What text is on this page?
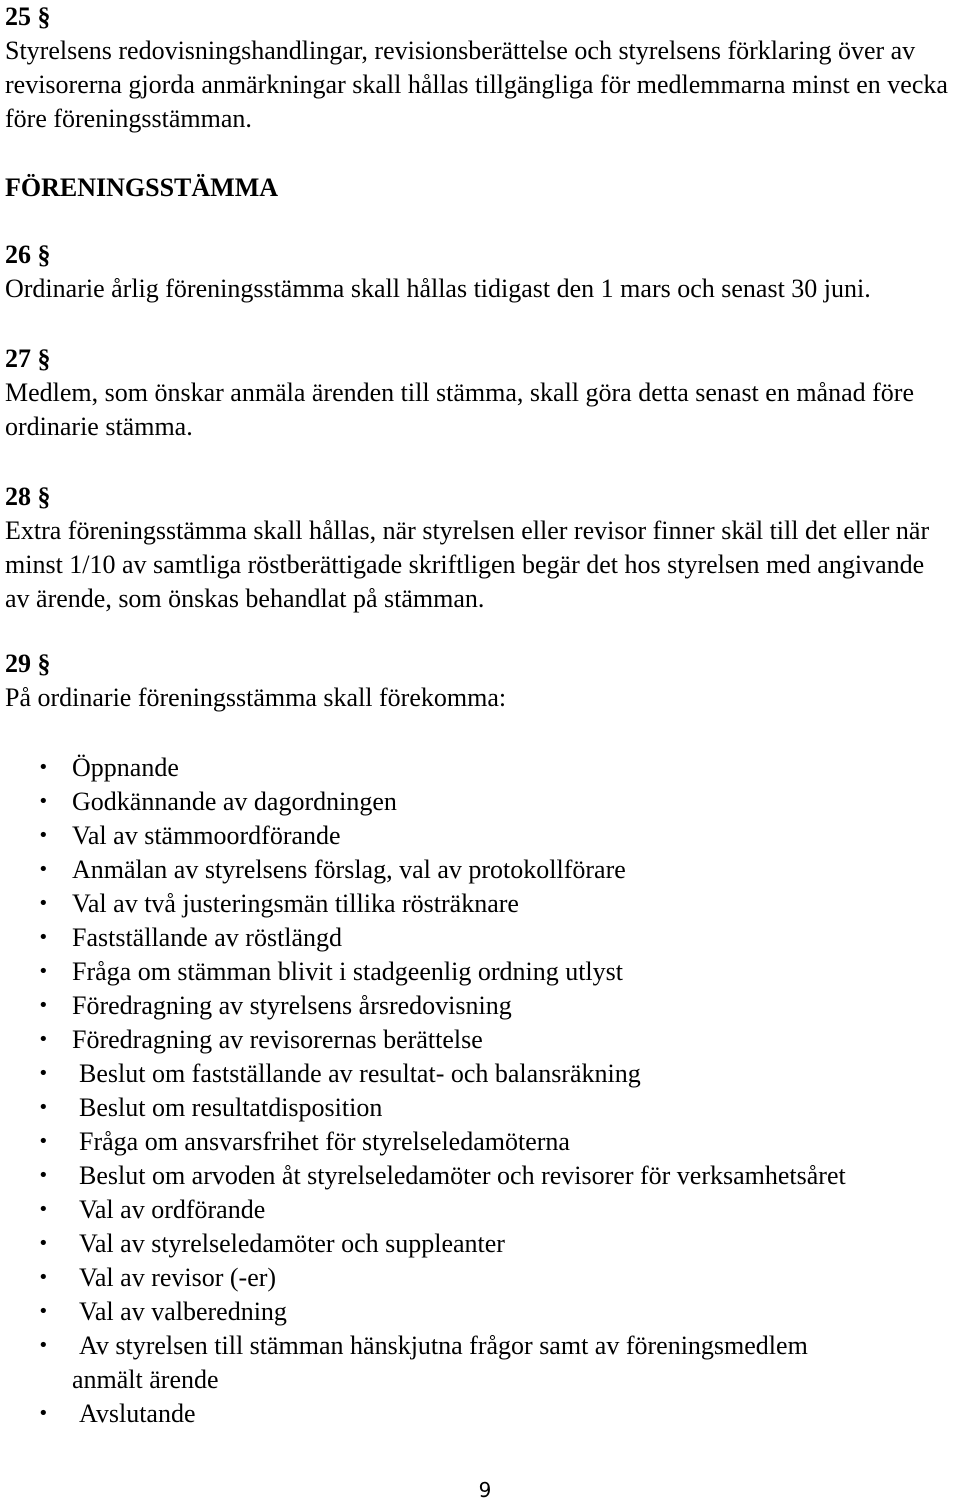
25 §

Styrelsens redovisningshandlingar, revisionsberättelse och styrelsens förklaring över av revisorerna gjorda anmärkningar skall hållas tillgängliga för medlemmarna minst en vecka före föreningsstämman.

FÖRENINGSSTÄMMA
26 §

Ordinarie årlig föreningsstämma skall hållas tidigast den 1 mars och senast 30 juni.

27 §

Medlem, som önskar anmäla ärenden till stämma, skall göra detta senast en månad före ordinarie stämma.

28 §

Extra föreningsstämma skall hållas, när styrelsen eller revisor finner skäl till det eller när minst 1/10 av samtliga röstberättigade skriftligen begär det hos styrelsen med angivande av ärende, som önskas behandlat på stämman.

29 §

På ordinarie föreningsstämma skall förekomma:

• Öppnande
• Godkännande av dagordningen
• Val av stämmoordförande
• Anmälan av styrelsens förslag, val av protokollförare
• Val av två justeringsmän tillika rösträknare
• Fastställande av röstlängd
• Fråga om stämman blivit i stadgeenlig ordning utlyst
• Föredragning av styrelsens årsredovisning
• Föredragning av revisorernas berättelse
• Beslut om fastställande av resultat- och balansräkning
• Beslut om resultatdisposition
• Fråga om ansvarsfrihet för styrelseledamöterna
• Beslut om arvoden åt styrelseledamöter och revisorer för verksamhetsåret
• Val av ordförande
• Val av styrelseledamöter och suppleanter
• Val av revisor (-er)
• Val av valberedning
• Av styrelsen till stämman hänskjutna frågor samt av föreningsmedlem
anmält ärende
• Avslutande
9
